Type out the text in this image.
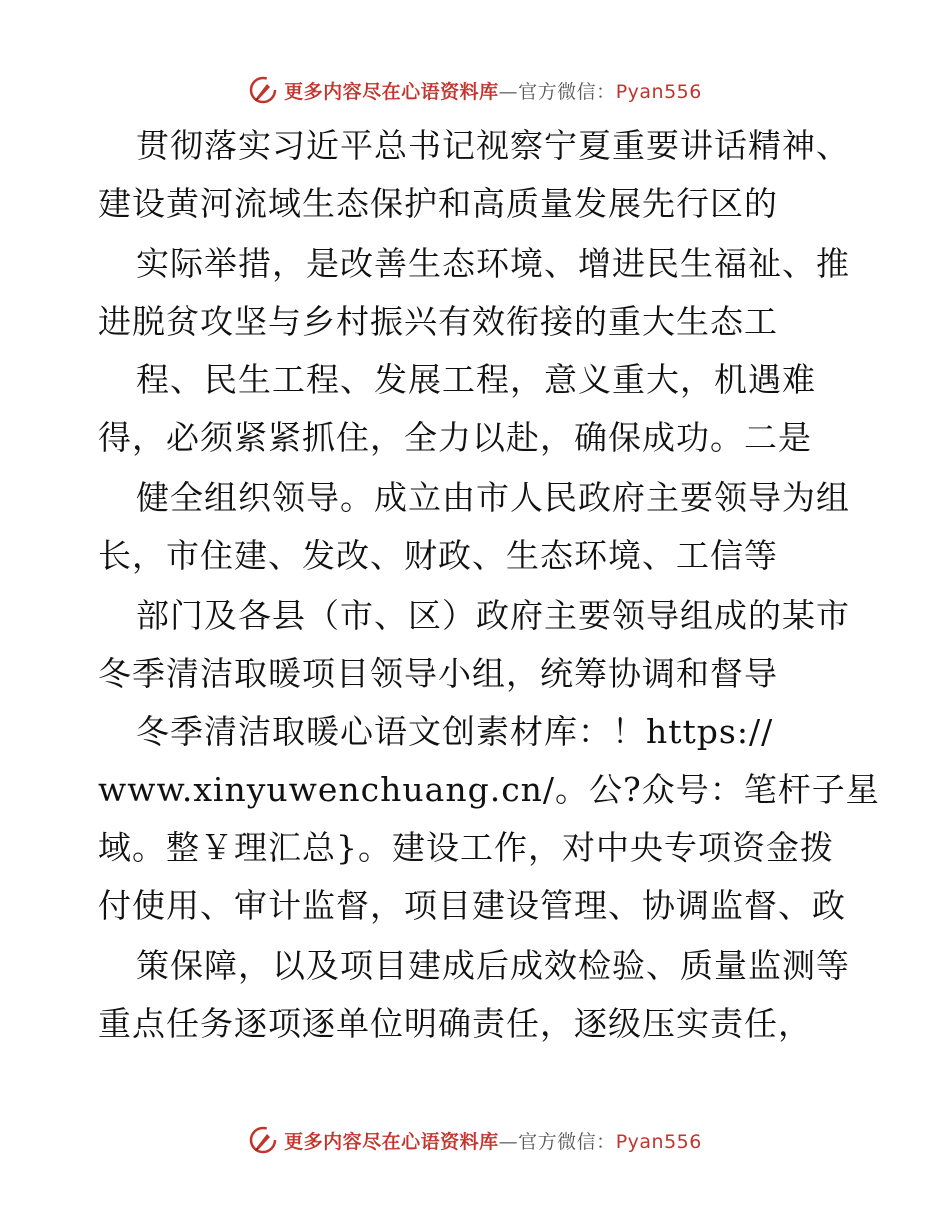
更多内容尽在心语资料库—官方微信：Pyan556
贯彻落实习近平总书记视察宁夏重要讲话精神、
建设黄河流域生态保护和高质量发展先行区的
实际举措，是改善生态环境、增进民生福祉、推
进脱贫攻坚与乡村振兴有效衔接的重大生态工
程、民生工程、发展工程，意义重大，机遇难
得，必须紧紧抓住，全力以赴，确保成功。二是
健全组织领导。成立由市人民政府主要领导为组
长，市住建、发改、财政、生态环境、工信等
部门及各县（市、区）政府主要领导组成的某市
冬季清洁取暖项目领导小组，统筹协调和督导
冬季清洁取暖心语文创素材库：！https://
www.xinyuwenchuang.cn/。公?众号：笔杆子星
域。整￥理汇总}。建设工作，对中央专项资金拨
付使用、审计监督，项目建设管理、协调监督、政
策保障，以及项目建成后成效检验、质量监测等
重点任务逐项逐单位明确责任，逐级压实责任，
更多内容尽在心语资料库—官方微信：Pyan556
